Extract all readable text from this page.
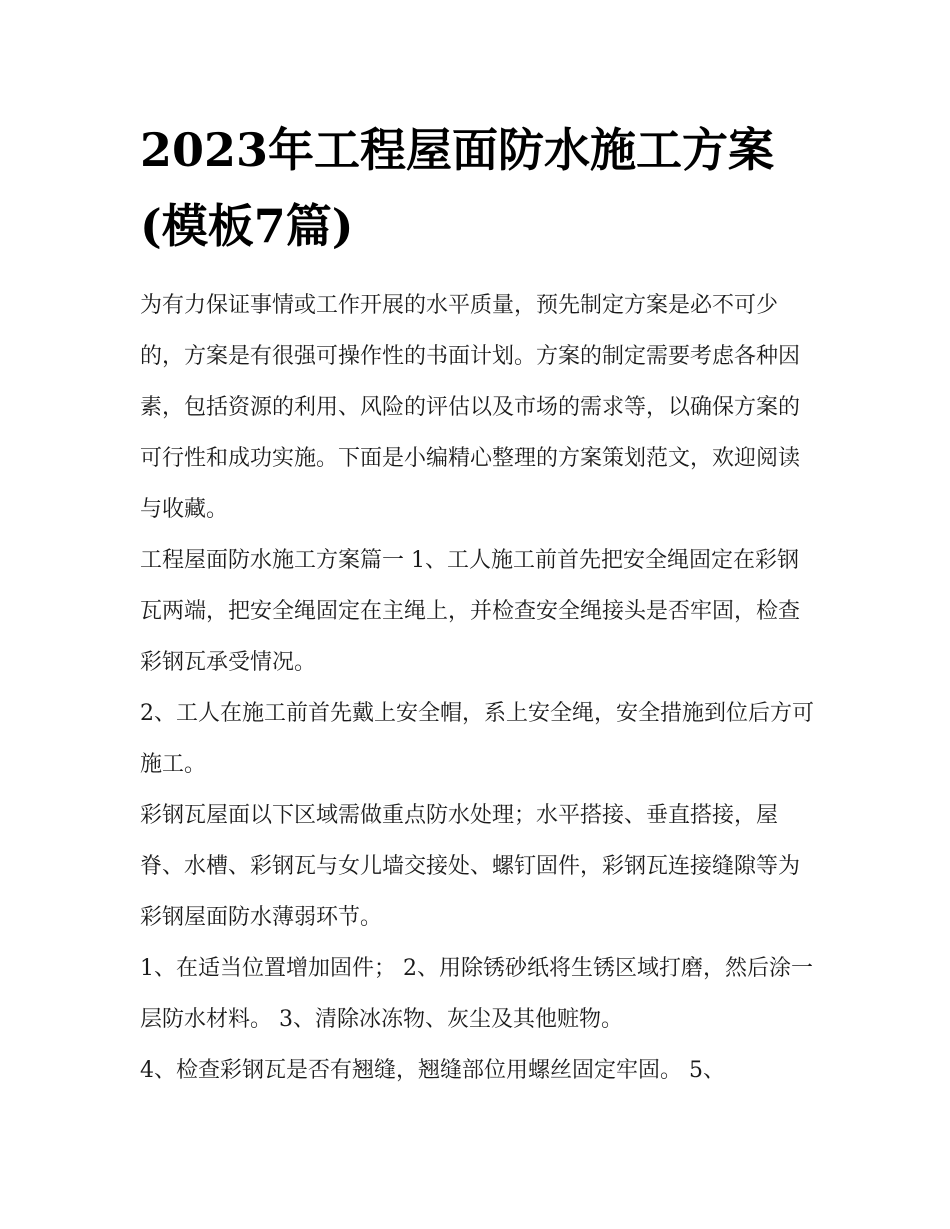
2023年工程屋面防水施工方案(模板7篇)

为有力保证事情或工作开展的水平质量，预先制定方案是必不可少的，方案是有很强可操作性的书面计划。方案的制定需要考虑各种因素，包括资源的利用、风险的评估以及市场的需求等，以确保方案的可行性和成功实施。下面是小编精心整理的方案策划范文，欢迎阅读与收藏。

工程屋面防水施工方案篇一 1、工人施工前首先把安全绳固定在彩钢瓦两端，把安全绳固定在主绳上，并检查安全绳接头是否牢固，检查彩钢瓦承受情况。

2、工人在施工前首先戴上安全帽，系上安全绳，安全措施到位后方可施工。

彩钢瓦屋面以下区域需做重点防水处理；水平搭接、垂直搭接，屋脊、水槽、彩钢瓦与女儿墙交接处、螺钉固件，彩钢瓦连接缝隙等为彩钢屋面防水薄弱环节。

1、在适当位置增加固件； 2、用除锈砂纸将生锈区域打磨，然后涂一层防水材料。 3、清除冰冻物、灰尘及其他赃物。

4、检查彩钢瓦是否有翘缝，翘缝部位用螺丝固定牢固。 5、
